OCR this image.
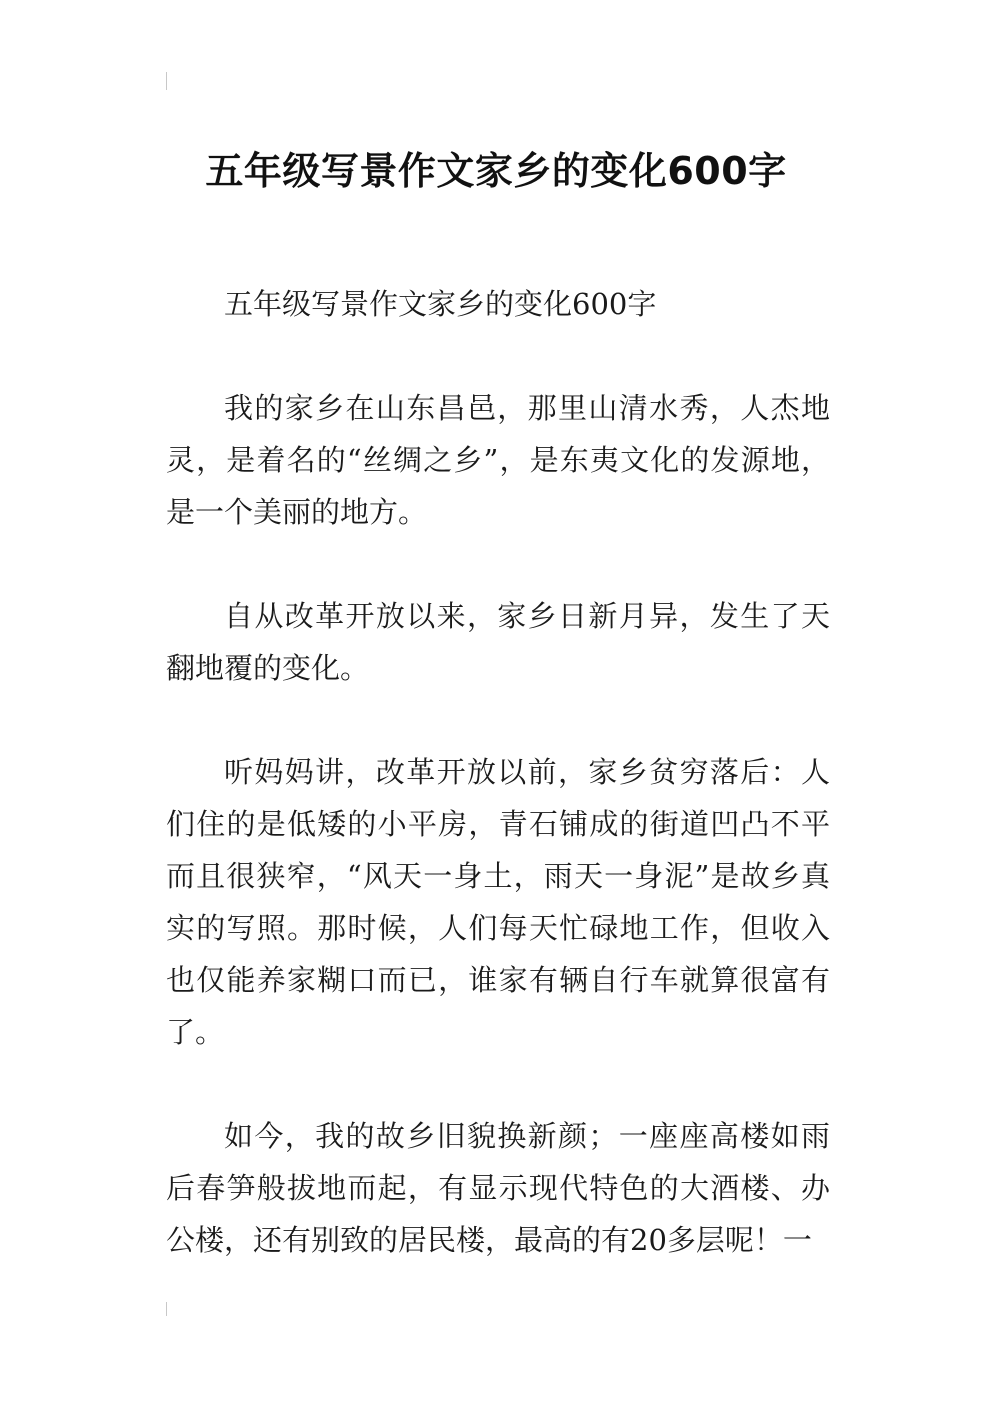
五年级写景作文家乡的变化600字

五年级写景作文家乡的变化600字

我的家乡在山东昌邑，那里山清水秀，人杰地灵，是着名的“丝绸之乡”，是东夷文化的发源地，是一个美丽的地方。

自从改革开放以来，家乡日新月异，发生了天翻地覆的变化。

听妈妈讲，改革开放以前，家乡贫穷落后：人们住的是低矮的小平房，青石铺成的街道凹凸不平而且很狭窄，“风天一身土，雨天一身泥”是故乡真实的写照。那时候，人们每天忙碌地工作，但收入也仅能养家糊口而已，谁家有辆自行车就算很富有了。

如今，我的故乡旧貌换新颜；一座座高楼如雨后春笋般拔地而起，有显示现代特色的大酒楼、办公楼，还有别致的居民楼，最高的有20多层呢！一
